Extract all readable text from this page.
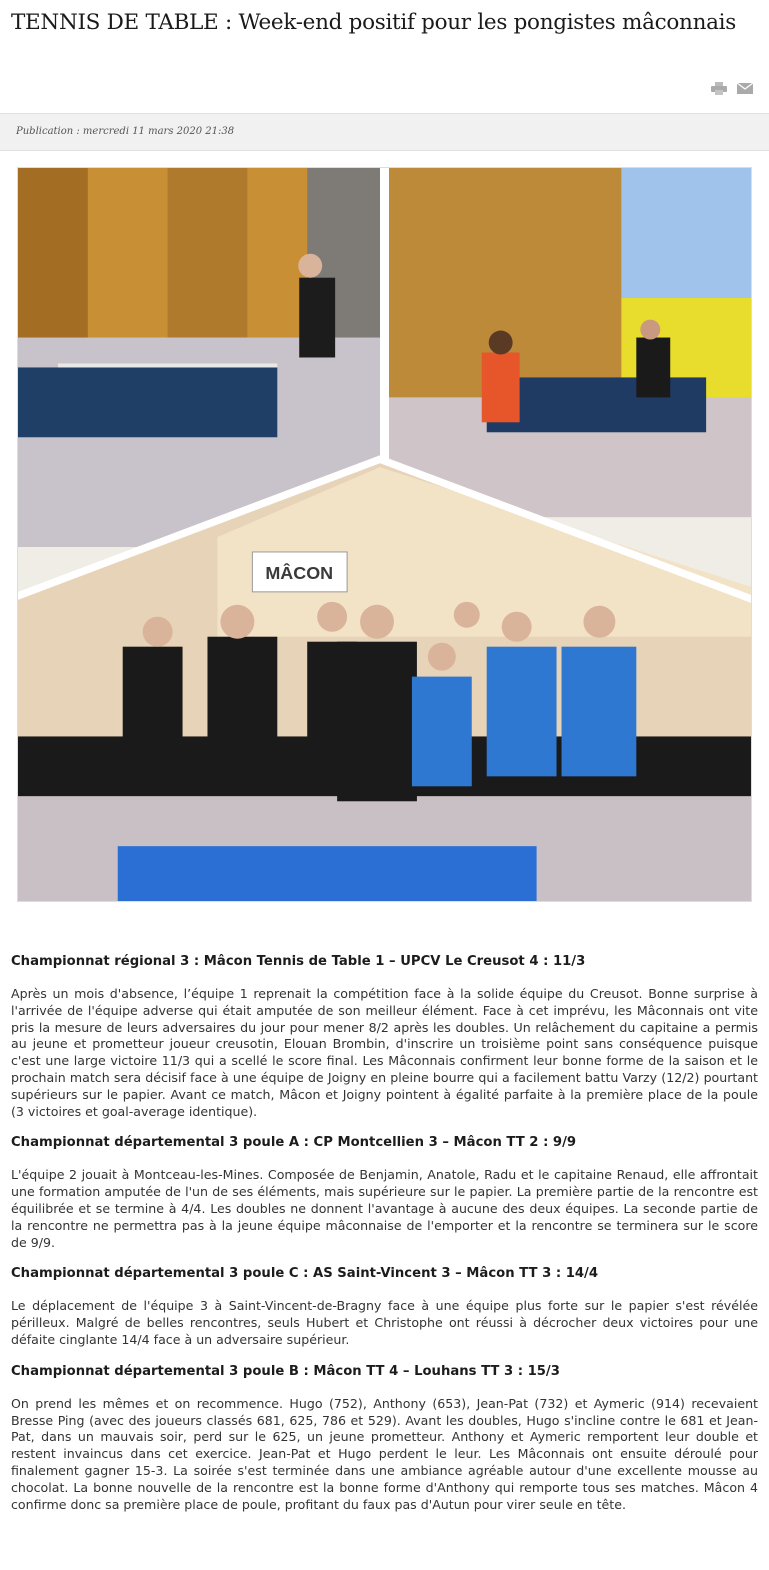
TENNIS DE TABLE : Week-end positif pour les pongistes mâconnais
Publication : mercredi 11 mars 2020 21:38
MÂCON
Championnat régional 3 : Mâcon Tennis de Table 1 – UPCV Le Creusot 4 : 11/3

Après un mois d'absence, l’équipe 1 reprenait la compétition face à la solide équipe du Creusot. Bonne surprise à l'arrivée de l'équipe adverse qui était amputée de son meilleur élément. Face à cet imprévu, les Mâconnais ont vite pris la mesure de leurs adversaires du jour pour mener 8/2 après les doubles. Un relâchement du capitaine a permis au jeune et prometteur joueur creusotin, Elouan Brombin, d'inscrire un troisième point sans conséquence puisque c'est une large victoire 11/3 qui a scellé le score final. Les Mâconnais confirment leur bonne forme de la saison et le prochain match sera décisif face à une équipe de Joigny en pleine bourre qui a facilement battu Varzy (12/2) pourtant supérieurs sur le papier. Avant ce match, Mâcon et Joigny pointent à égalité parfaite à la première place de la poule (3 victoires et goal-average identique).

Championnat départemental 3 poule A : CP Montcellien 3 – Mâcon TT 2 : 9/9

L'équipe 2 jouait à Montceau-les-Mines. Composée de Benjamin, Anatole, Radu et le capitaine Renaud, elle affrontait une formation amputée de l'un de ses éléments, mais supérieure sur le papier. La première partie de la rencontre est équilibrée et se termine à 4/4. Les doubles ne donnent l'avantage à aucune des deux équipes. La seconde partie de la rencontre ne permettra pas à la jeune équipe mâconnaise de l'emporter et la rencontre se terminera sur le score de 9/9.

Championnat départemental 3 poule C : AS Saint-Vincent 3 – Mâcon TT 3 : 14/4

Le déplacement de l'équipe 3 à Saint-Vincent-de-Bragny face à une équipe plus forte sur le papier s'est révélée périlleux. Malgré de belles rencontres, seuls Hubert et Christophe ont réussi à décrocher deux victoires pour une défaite cinglante 14/4 face à un adversaire supérieur.

Championnat départemental 3 poule B : Mâcon TT 4 – Louhans TT 3 : 15/3

On prend les mêmes et on recommence. Hugo (752), Anthony (653), Jean-Pat (732) et Aymeric (914) recevaient Bresse Ping (avec des joueurs classés 681, 625, 786 et 529). Avant les doubles, Hugo s'incline contre le 681 et Jean-Pat, dans un mauvais soir, perd sur le 625, un jeune prometteur. Anthony et Aymeric remportent leur double et restent invaincus dans cet exercice. Jean-Pat et Hugo perdent le leur. Les Mâconnais ont ensuite déroulé pour finalement gagner 15-3. La soirée s'est terminée dans une ambiance agréable autour d'une excellente mousse au chocolat. La bonne nouvelle de la rencontre est la bonne forme d'Anthony qui remporte tous ses matches. Mâcon 4 confirme donc sa première place de poule, profitant du faux pas d'Autun pour virer seule en tête.
